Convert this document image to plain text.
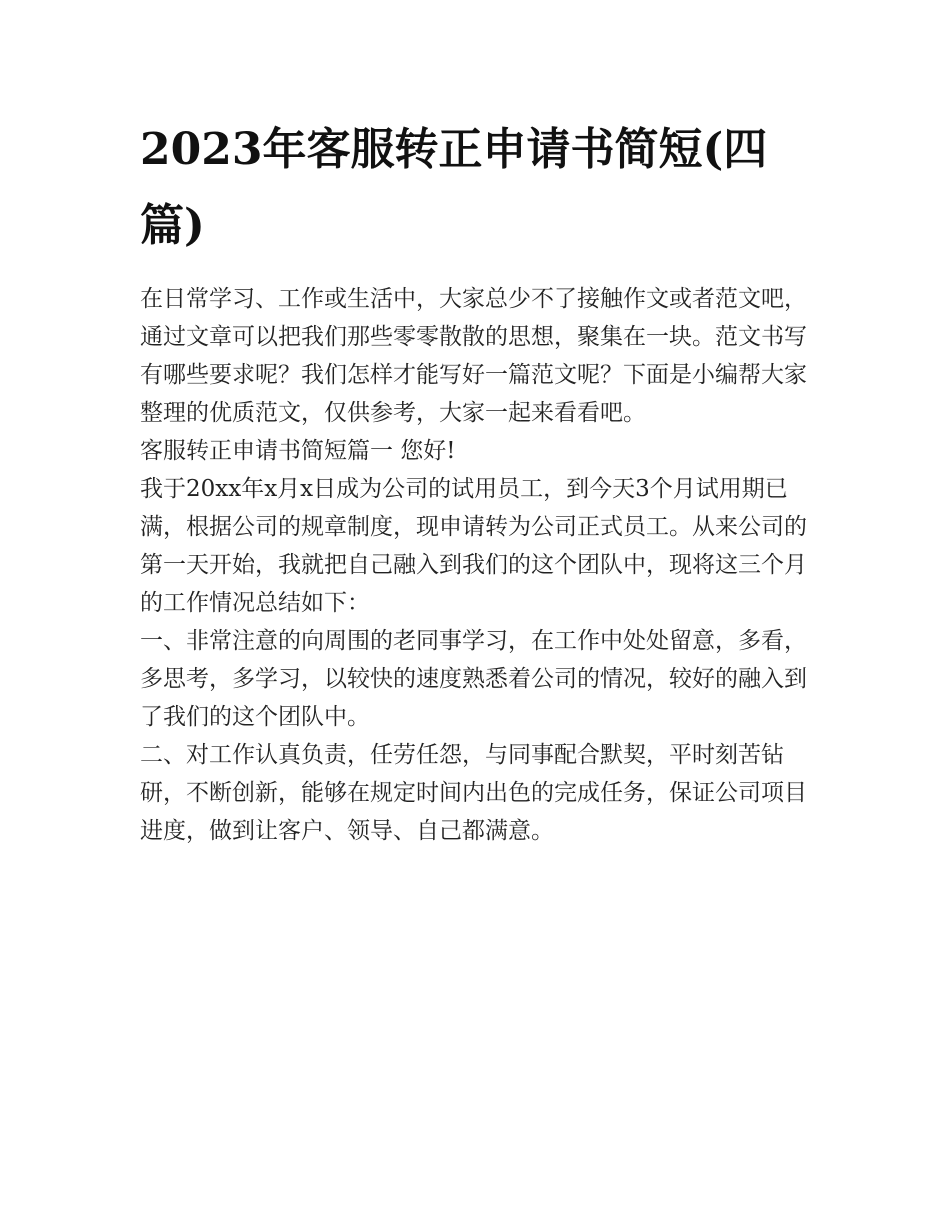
2023年客服转正申请书简短(四篇)

在日常学习、工作或生活中，大家总少不了接触作文或者范文吧，通过文章可以把我们那些零零散散的思想，聚集在一块。范文书写有哪些要求呢？我们怎样才能写好一篇范文呢？下面是小编帮大家整理的优质范文，仅供参考，大家一起来看看吧。

客服转正申请书简短篇一 您好!

我于20xx年x月x日成为公司的试用员工，到今天3个月试用期已满，根据公司的规章制度，现申请转为公司正式员工。从来公司的第一天开始，我就把自己融入到我们的这个团队中，现将这三个月的工作情况总结如下：

一、非常注意的向周围的老同事学习，在工作中处处留意，多看，多思考，多学习，以较快的速度熟悉着公司的情况，较好的融入到了我们的这个团队中。

二、对工作认真负责，任劳任怨，与同事配合默契，平时刻苦钻研，不断创新，能够在规定时间内出色的完成任务，保证公司项目进度，做到让客户、领导、自己都满意。
